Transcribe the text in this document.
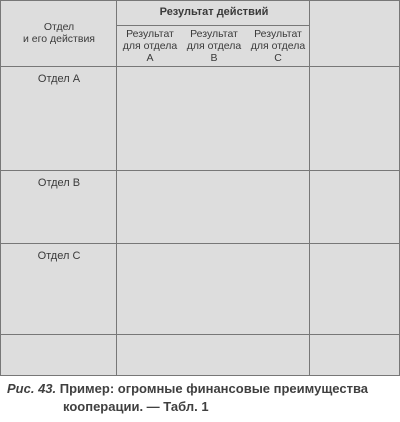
Отдел
и его действия
Результат действий
Результат
для отдела
A
Результат
для отдела
B
Результат
для отдела
C
Отдел A
Отдел B
Отдел C
Рис. 43. Пример: огромные финансовые преимущества
кооперации. — Табл. 1
